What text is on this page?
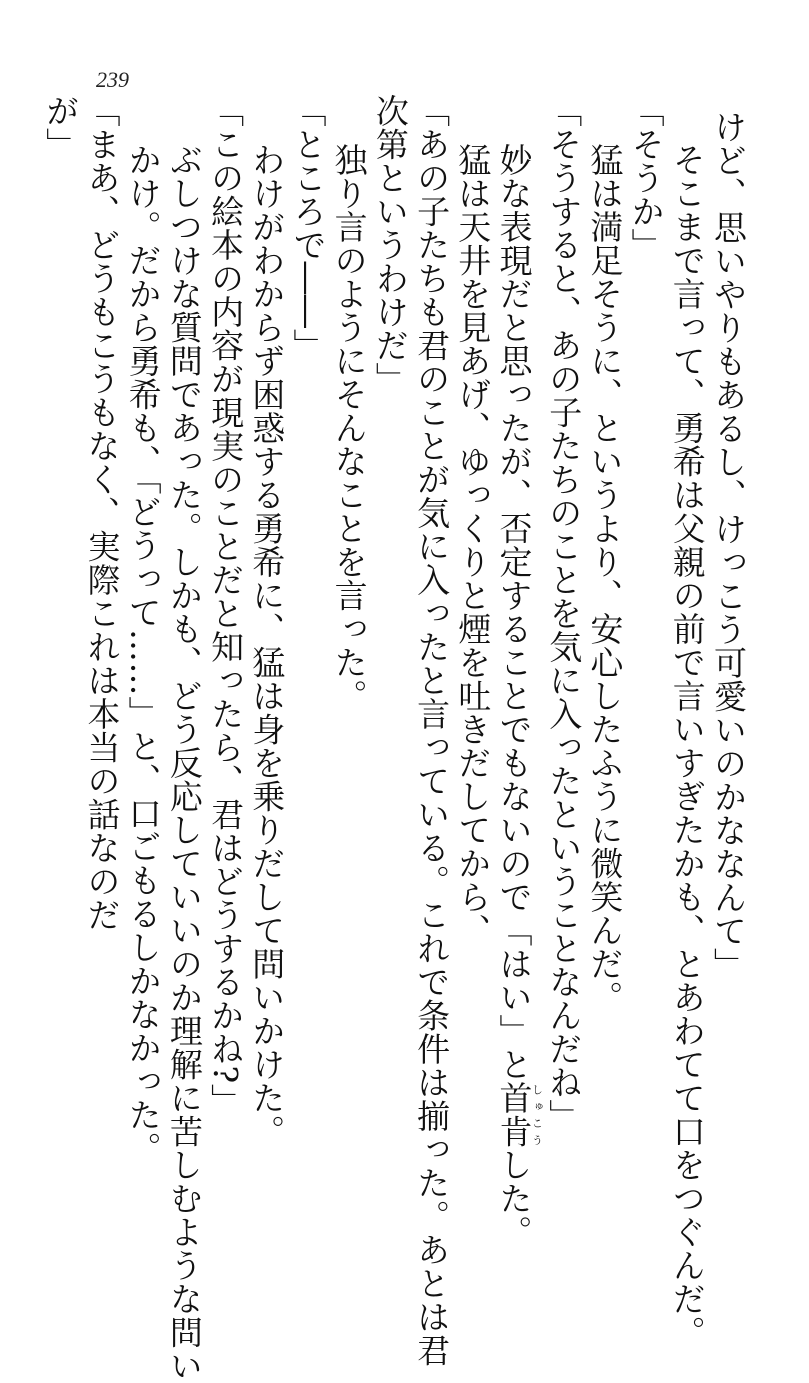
239
けど、思いやりもあるし、けっこう可愛いのかななんて」
そこまで言って、勇希は父親の前で言いすぎたかも、とあわてて口をつぐんだ。
「そうか」
猛は満足そうに、というより、安心したふうに微笑んだ。
「そうすると、あの子たちのことを気に入ったということなんだね」
妙な表現だと思ったが、否定することでもないので「はい」と首肯しゅこうした。
猛は天井を見あげ、ゆっくりと煙を吐きだしてから、
「あの子たちも君のことが気に入ったと言っている。これで条件は揃った。あとは君
次第というわけだ」
独り言のようにそんなことを言った。
「ところで――」
わけがわからず困惑する勇希に、猛は身を乗りだして問いかけた。
「この絵本の内容が現実のことだと知ったら、君はどうするかね?」
ぶしつけな質問であった。しかも、どう反応していいのか理解に苦しむような問い
かけ。だから勇希も、「どうって……」と、口ごもるしかなかった。
「まあ、どうもこうもなく、実際これは本当の話なのだ
が」
